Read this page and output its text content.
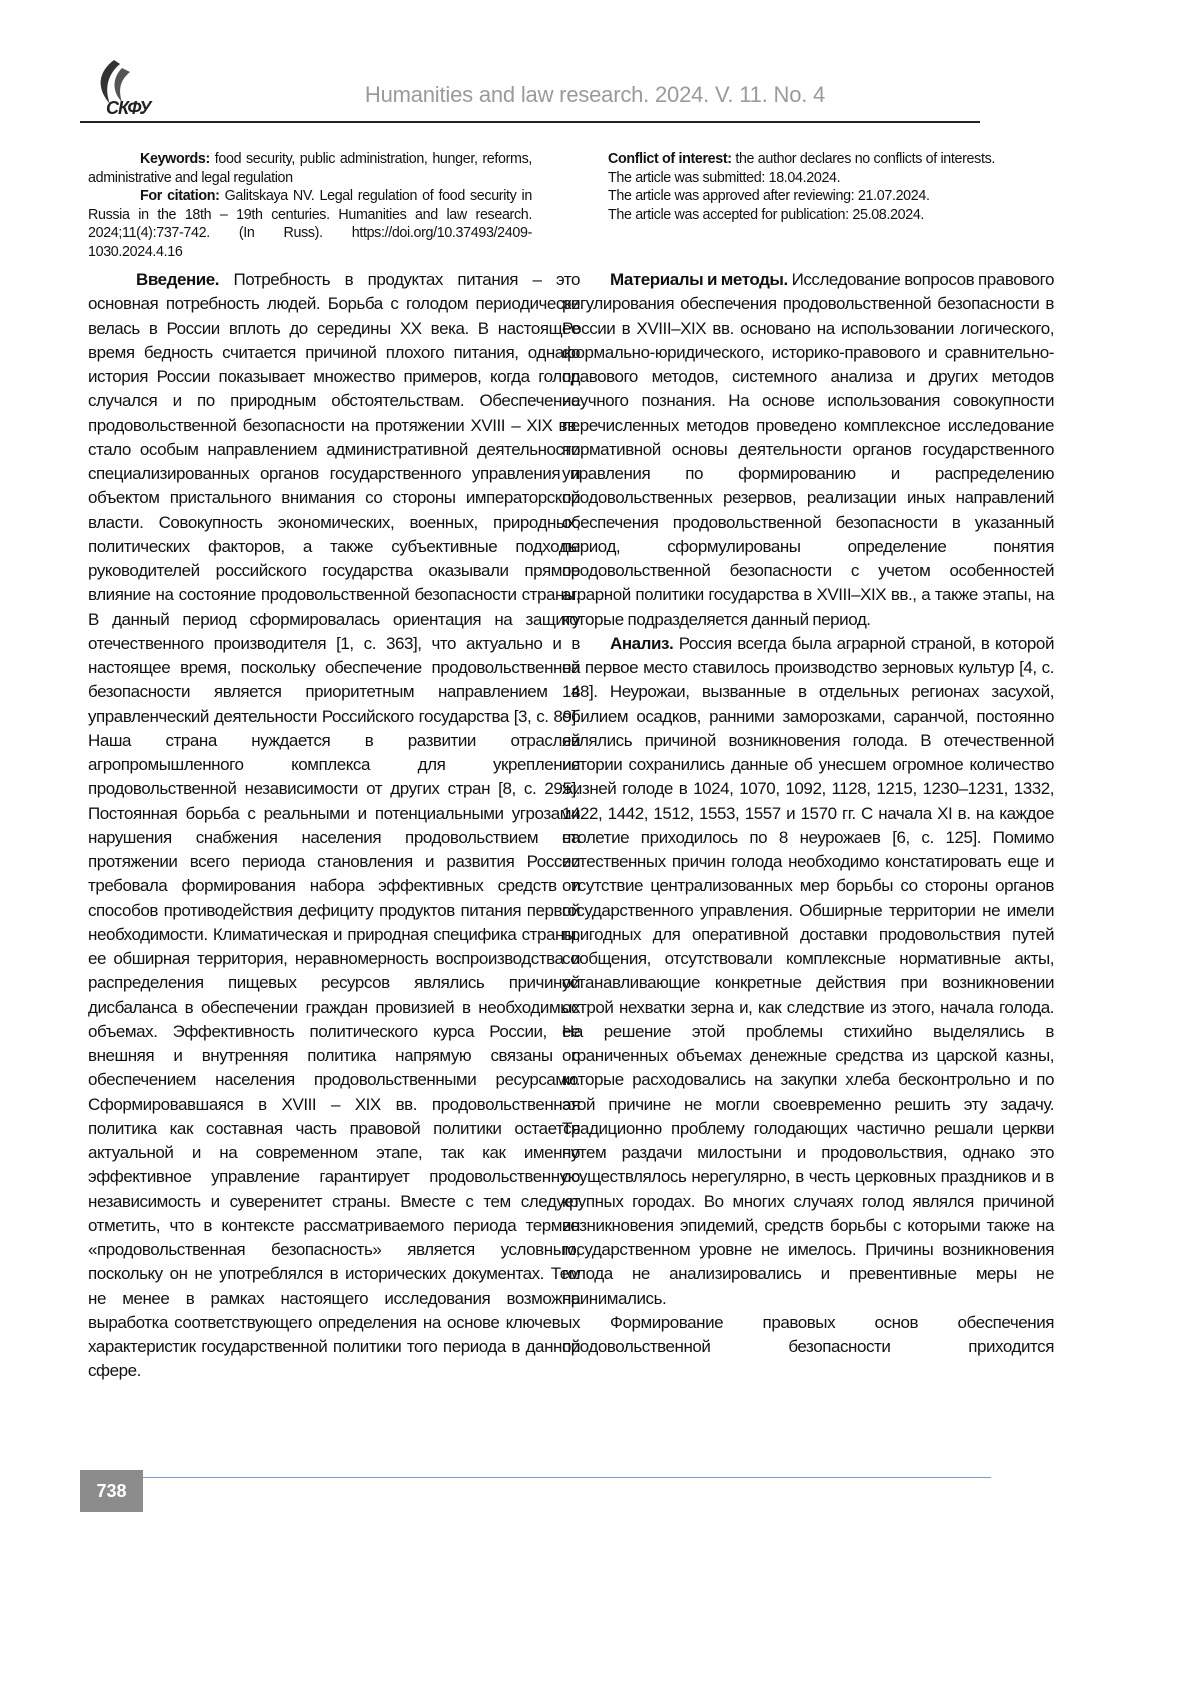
СКФУ
Humanities and law research. 2024. V. 11. No. 4

Keywords: food security, public administration, hunger, reforms, administrative and legal regulation

For citation: Galitskaya NV. Legal regulation of food security in Russia in the 18th – 19th centuries. Humanities and law research. 2024;11(4):737-742. (In Russ). https://doi.org/10.37493/2409-1030.2024.4.16

Conflict of interest: the author declares no conflicts of interests.

The article was submitted: 18.04.2024.

The article was approved after reviewing: 21.07.2024.

The article was accepted for publication: 25.08.2024.

Введение. Потребность в продуктах питания – это основная потребность людей. Борьба с голодом периодически велась в России вплоть до середины XX века. В настоящее время бедность считается причиной плохого питания, однако история России показывает множество примеров, когда голод случался и по природным обстоятельствам. Обеспечение продовольственной безопасности на протяжении XVIII – XIX вв. стало особым направлением административной деятельности специализированных органов государственного управления и объектом пристального внимания со стороны императорской власти. Совокупность экономических, военных, природных, политических факторов, а также субъективные подходы руководителей российского государства оказывали прямое влияние на состояние продовольственной безопасности страны. В данный период сформировалась ориентация на защиту отечественного производителя [1, с. 363], что актуально и в настоящее время, поскольку обеспечение продовольственной безопасности является приоритетным направлением в управленческий деятельности Российского государства [3, с. 89]. Наша страна нуждается в развитии отраслей агропромышленного комплекса для укрепления продовольственной независимости от других стран [8, с. 295]. Постоянная борьба с реальными и потенциальными угрозами нарушения снабжения населения продовольствием на протяжении всего периода становления и развития России требовала формирования набора эффективных средств и способов противодействия дефициту продуктов питания первой необходимости. Климатическая и природная специфика страны, ее обширная территория, неравномерность воспроизводства и распределения пищевых ресурсов являлись причиной дисбаланса в обеспечении граждан провизией в необходимых объемах. Эффективность политического курса России, ее внешняя и внутренняя политика напрямую связаны с обеспечением населения продовольственными ресурсами. Сформировавшаяся в XVIII – XIX вв. продовольственная политика как составная часть правовой политики остается актуальной и на современном этапе, так как именно эффективное управление гарантирует продовольственную независимость и суверенитет страны. Вместе с тем следует отметить, что в контексте рассматриваемого периода термин «продовольственная безопасность» является условным, поскольку он не употреблялся в исторических документах. Тем не менее в рамках настоящего исследования возможна выработка соответствующего определения на основе ключевых характеристик государственной политики того периода в данной сфере.

Материалы и методы. Исследование вопросов правового регулирования обеспечения продовольственной безопасности в России в XVIII–XIX вв. основано на использовании логического, формально-юридического, историко-правового и сравнительно-правового методов, системного анализа и других методов научного познания. На основе использования совокупности перечисленных методов проведено комплексное исследование нормативной основы деятельности органов государственного управления по формированию и распределению продовольственных резервов, реализации иных направлений обеспечения продовольственной безопасности в указанный период, сформулированы определение понятия продовольственной безопасности с учетом особенностей аграрной политики государства в XVIII–XIX вв., а также этапы, на которые подразделяется данный период.

Анализ. Россия всегда была аграрной страной, в которой на первое место ставилось производство зерновых культур [4, с. 148]. Неурожаи, вызванные в отдельных регионах засухой, обилием осадков, ранними заморозками, саранчой, постоянно являлись причиной возникновения голода. В отечественной истории сохранились данные об унесшем огромное количество жизней голоде в 1024, 1070, 1092, 1128, 1215, 1230–1231, 1332, 1422, 1442, 1512, 1553, 1557 и 1570 гг. С начала XI в. на каждое столетие приходилось по 8 неурожаев [6, с. 125]. Помимо естественных причин голода необходимо констатировать еще и отсутствие централизованных мер борьбы со стороны органов государственного управления. Обширные территории не имели пригодных для оперативной доставки продовольствия путей сообщения, отсутствовали комплексные нормативные акты, устанавливающие конкретные действия при возникновении острой нехватки зерна и, как следствие из этого, начала голода. На решение этой проблемы стихийно выделялись в ограниченных объемах денежные средства из царской казны, которые расходовались на закупки хлеба бесконтрольно и по этой причине не могли своевременно решить эту задачу. Традиционно проблему голодающих частично решали церкви путем раздачи милостыни и продовольствия, однако это осуществлялось нерегулярно, в честь церковных праздников и в крупных городах. Во многих случаях голод являлся причиной возникновения эпидемий, средств борьбы с которыми также на государственном уровне не имелось. Причины возникновения голода не анализировались и превентивные меры не принимались.

Формирование правовых основ обеспечения продовольственной безопасности приходится

738
